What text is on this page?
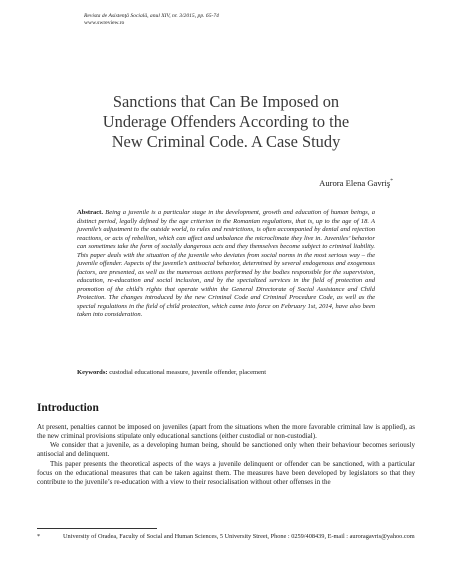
Revista de Asistenţă Socială, anul XIV, nr. 3/2015, pp. 65-74
www.swreview.ro
Sanctions that Can Be Imposed on
Underage Offenders According to the
New Criminal Code. A Case Study
Aurora Elena Gavriş*
Abstract. Being a juvenile is a particular stage in the development, growth and education of human beings, a distinct period, legally defined by the age criterion in the Romanian regulations, that is, up to the age of 18. A juvenile’s adjustment to the outside world, to rules and restrictions, is often accompanied by denial and rejection reactions, or acts of rebellion, which can affect and unbalance the microclimate they live in. Juveniles’ behavior can sometimes take the form of socially dangerous acts and they themselves become subject to criminal liability. This paper deals with the situation of the juvenile who deviates from social norms in the most serious way – the juvenile offender. Aspects of the juvenile’s antisocial behavior, determined by several endogenous and exogenous factors, are presented, as well as the numerous actions performed by the bodies responsible for the supervision, education, re-education and social inclusion, and by the specialized services in the field of protection and promotion of the child’s rights that operate within the General Directorate of Social Assistance and Child Protection. The changes introduced by the new Criminal Code and Criminal Procedure Code, as well as the special regulations in the field of child protection, which came into force on February 1st, 2014, have also been taken into consideration.
Keywords: custodial educational measure, juvenile offender, placement
Introduction

At present, penalties cannot be imposed on juveniles (apart from the situations when the more favorable criminal law is applied), as the new criminal provisions stipulate only educational sanctions (either custodial or non-custodial).

We consider that a juvenile, as a developing human being, should be sanctioned only when their behaviour becomes seriously antisocial and delinquent.

This paper presents the theoretical aspects of the ways a juvenile delinquent or offender can be sanctioned, with a particular focus on the educational measures that can be taken against them. The measures have been developed by legislators so that they contribute to the juvenile’s re-education with a view to their resocialisation without other offenses in the

*	University of Oradea, Faculty of Social and Human Sciences, 5 University Street, Phone : 0259/408439, E-mail : auroragavris@yahoo.com
